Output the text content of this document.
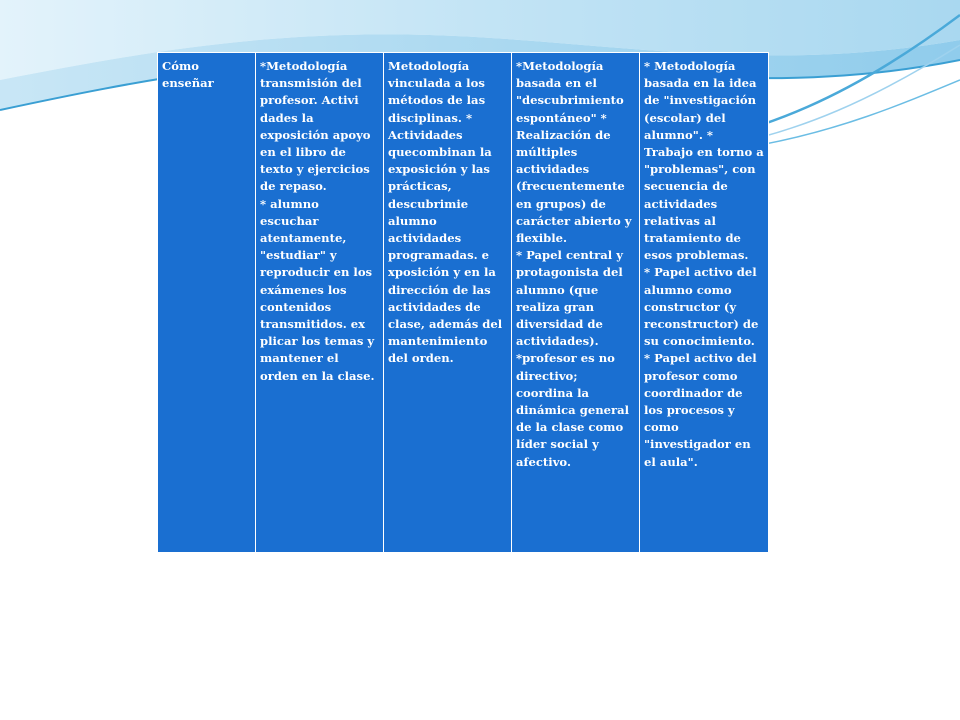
Cómo enseñar

*Metodología transmisión del profesor. Activi dades la exposición apoyo en el libro de texto y ejercicios de repaso.
* alumno escuchar atentamente, "estudiar" y reproducir en los exámenes los contenidos transmitidos. ex plicar los temas y mantener el orden en la clase.

Metodología vinculada a los métodos de las disciplinas. * Actividades quecombinan la exposición y las prácticas, descubrimie alumno actividades programadas. e xposición y en la dirección de las actividades de clase, además del mantenimiento del orden.

*Metodología basada en el "descubrimiento espontáneo" * Realización de múltiples actividades (frecuentemente en grupos) de carácter abierto y flexible.
* Papel central y protagonista del alumno (que realiza gran diversidad de actividades).
*profesor es no directivo; coordina la dinámica general de la clase como líder social y afectivo.

* Metodología basada en la idea de "investigación (escolar) del alumno". * Trabajo en torno a "problemas", con secuencia de actividades relativas al tratamiento de esos problemas.
* Papel activo del alumno como constructor (y reconstructor) de su conocimiento.
* Papel activo del profesor como coordinador de los procesos y como "investigador en el aula".
